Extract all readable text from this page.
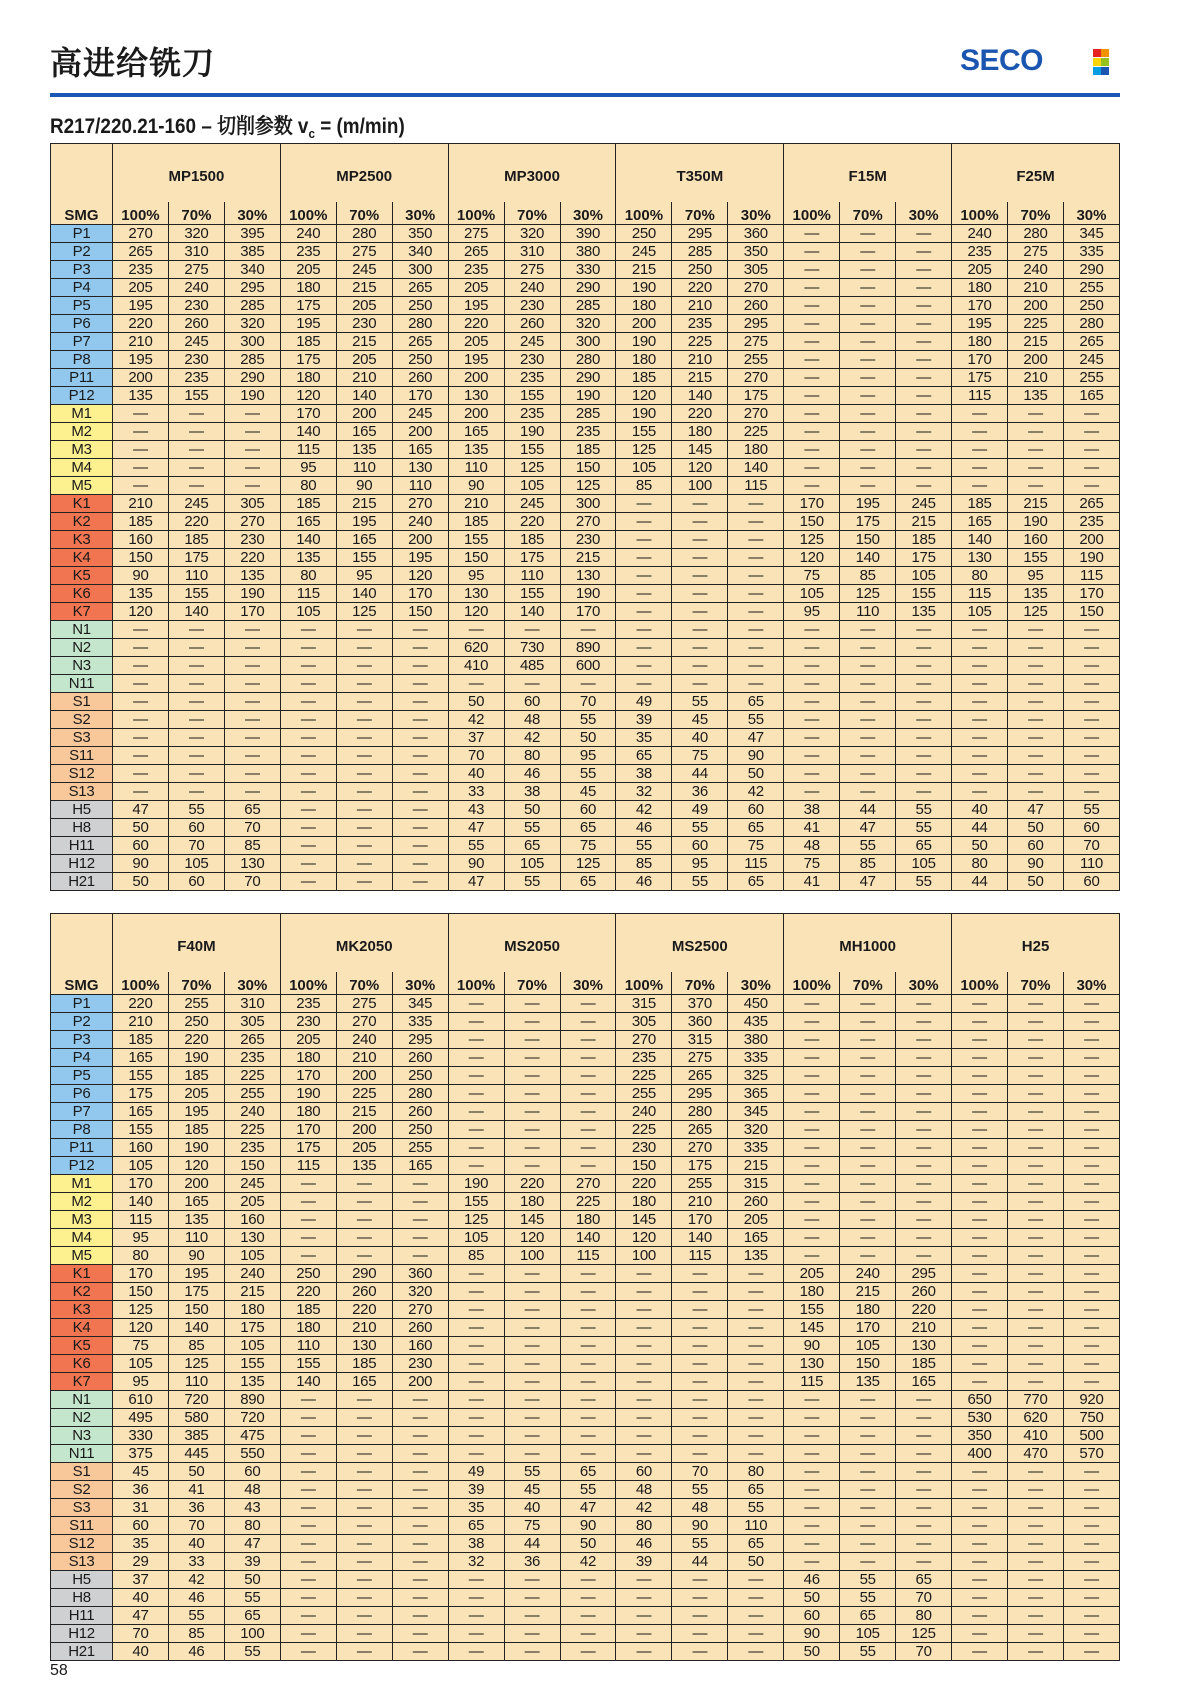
高进给铣刀	SECO
R217/220.21-160 – 切削参数 $v_c = (m/\min)$
SMG	MP1500			MP2500			MP3000			T350M			F15M			F25M		
	100%	70%	30%	100%	70%	30%	100%	70%	30%	100%	70%	30%	100%	70%	30%	100%	70%	30%
P1	270	320	395	240	280	350	275	320	390	250	295	360	—	—	—	240	280	345
P2	265	310	385	235	275	340	265	310	380	245	285	350	—	—	—	235	275	335
P3	235	275	340	205	245	300	235	275	330	215	250	305	—	—	—	205	240	290
P4	205	240	295	180	215	265	205	240	290	190	220	270	—	—	—	180	210	255
P5	195	230	285	175	205	250	195	230	285	180	210	260	—	—	—	170	200	250
P6	220	260	320	195	230	280	220	260	320	200	235	295	—	—	—	195	225	280
P7	210	245	300	185	215	265	205	245	300	190	225	275	—	—	—	180	215	265
P8	195	230	285	175	205	250	195	230	280	180	210	255	—	—	—	170	200	245
P11	200	235	290	180	210	260	200	235	290	185	215	270	—	—	—	175	210	255
P12	135	155	190	120	140	170	130	155	190	120	140	175	—	—	—	115	135	165
M1	—	—	—	170	200	245	200	235	285	190	220	270	—	—	—	—	—	—
M2	—	—	—	140	165	200	165	190	235	155	180	225	—	—	—	—	—	—
M3	—	—	—	115	135	165	135	155	185	125	145	180	—	—	—	—	—	—
M4	—	—	—	95	110	130	110	125	150	105	120	140	—	—	—	—	—	—
M5	—	—	—	80	90	110	90	105	125	85	100	115	—	—	—	—	—	—
K1	210	245	305	185	215	270	210	245	300	—	—	—	170	195	245	185	215	265
K2	185	220	270	165	195	240	185	220	270	—	—	—	150	175	215	165	190	235
K3	160	185	230	140	165	200	155	185	230	—	—	—	125	150	185	140	160	200
K4	150	175	220	135	155	195	150	175	215	—	—	—	120	140	175	130	155	190
K5	90	110	135	80	95	120	95	110	130	—	—	—	75	85	105	80	95	115
K6	135	155	190	115	140	170	130	155	190	—	—	—	105	125	155	115	135	170
K7	120	140	170	105	125	150	120	140	170	—	—	—	95	110	135	105	125	150
N1	—	—	—	—	—	—	—	—	—	—	—	—	—	—	—	—	—	—
N2	—	—	—	—	—	—	620	730	890	—	—	—	—	—	—	—	—	—
N3	—	—	—	—	—	—	410	485	600	—	—	—	—	—	—	—	—	—
N11	—	—	—	—	—	—	—	—	—	—	—	—	—	—	—	—	—	—
S1	—	—	—	—	—	—	50	60	70	49	55	65	—	—	—	—	—	—
S2	—	—	—	—	—	—	42	48	55	39	45	55	—	—	—	—	—	—
S3	—	—	—	—	—	—	37	42	50	35	40	47	—	—	—	—	—	—
S11	—	—	—	—	—	—	70	80	95	65	75	90	—	—	—	—	—	—
S12	—	—	—	—	—	—	40	46	55	38	44	50	—	—	—	—	—	—
S13	—	—	—	—	—	—	33	38	45	32	36	42	—	—	—	—	—	—
H5	47	55	65	—	—	—	43	50	60	42	49	60	38	44	55	40	47	55
H8	50	60	70	—	—	—	47	55	65	46	55	65	41	47	55	44	50	60
H11	60	70	85	—	—	—	55	65	75	55	60	75	48	55	65	50	60	70
H12	90	105	130	—	—	—	90	105	125	85	95	115	75	85	105	80	90	110
H21	50	60	70	—	—	—	47	55	65	46	55	65	41	47	55	44	50	60
SMG	F40M			MK2050			MS2050			MS2500			MH1000			H25		
	100%	70%	30%	100%	70%	30%	100%	70%	30%	100%	70%	30%	100%	70%	30%	100%	70%	30%
P1	220	255	310	235	275	345	—	—	—	315	370	450	—	—	—	—	—	—
P2	210	250	305	230	270	335	—	—	—	305	360	435	—	—	—	—	—	—
P3	185	220	265	205	240	295	—	—	—	270	315	380	—	—	—	—	—	—
P4	165	190	235	180	210	260	—	—	—	235	275	335	—	—	—	—	—	—
P5	155	185	225	170	200	250	—	—	—	225	265	325	—	—	—	—	—	—
P6	175	205	255	190	225	280	—	—	—	255	295	365	—	—	—	—	—	—
P7	165	195	240	180	215	260	—	—	—	240	280	345	—	—	—	—	—	—
P8	155	185	225	170	200	250	—	—	—	225	265	320	—	—	—	—	—	—
P11	160	190	235	175	205	255	—	—	—	230	270	335	—	—	—	—	—	—
P12	105	120	150	115	135	165	—	—	—	150	175	215	—	—	—	—	—	—
M1	170	200	245	—	—	—	190	220	270	220	255	315	—	—	—	—	—	—
M2	140	165	205	—	—	—	155	180	225	180	210	260	—	—	—	—	—	—
M3	115	135	160	—	—	—	125	145	180	145	170	205	—	—	—	—	—	—
M4	95	110	130	—	—	—	105	120	140	120	140	165	—	—	—	—	—	—
M5	80	90	105	—	—	—	85	100	115	100	115	135	—	—	—	—	—	—
K1	170	195	240	250	290	360	—	—	—	—	—	—	205	240	295	—	—	—
K2	150	175	215	220	260	320	—	—	—	—	—	—	180	215	260	—	—	—
K3	125	150	180	185	220	270	—	—	—	—	—	—	155	180	220	—	—	—
K4	120	140	175	180	210	260	—	—	—	—	—	—	145	170	210	—	—	—
K5	75	85	105	110	130	160	—	—	—	—	—	—	90	105	130	—	—	—
K6	105	125	155	155	185	230	—	—	—	—	—	—	130	150	185	—	—	—
K7	95	110	135	140	165	200	—	—	—	—	—	—	115	135	165	—	—	—
N1	610	720	890	—	—	—	—	—	—	—	—	—	—	—	—	650	770	920
N2	495	580	720	—	—	—	—	—	—	—	—	—	—	—	—	530	620	750
N3	330	385	475	—	—	—	—	—	—	—	—	—	—	—	—	350	410	500
N11	375	445	550	—	—	—	—	—	—	—	—	—	—	—	—	400	470	570
S1	45	50	60	—	—	—	49	55	65	60	70	80	—	—	—	—	—	—
S2	36	41	48	—	—	—	39	45	55	48	55	65	—	—	—	—	—	—
S3	31	36	43	—	—	—	35	40	47	42	48	55	—	—	—	—	—	—
S11	60	70	80	—	—	—	65	75	90	80	90	110	—	—	—	—	—	—
S12	35	40	47	—	—	—	38	44	50	46	55	65	—	—	—	—	—	—
S13	29	33	39	—	—	—	32	36	42	39	44	50	—	—	—	—	—	—
H5	37	42	50	—	—	—	—	—	—	—	—	—	46	55	65	—	—	—
H8	40	46	55	—	—	—	—	—	—	—	—	—	50	55	70	—	—	—
H11	47	55	65	—	—	—	—	—	—	—	—	—	60	65	80	—	—	—
H12	70	85	100	—	—	—	—	—	—	—	—	—	90	105	125	—	—	—
H21	40	46	55	—	—	—	—	—	—	—	—	—	50	55	70	—	—	—
58
